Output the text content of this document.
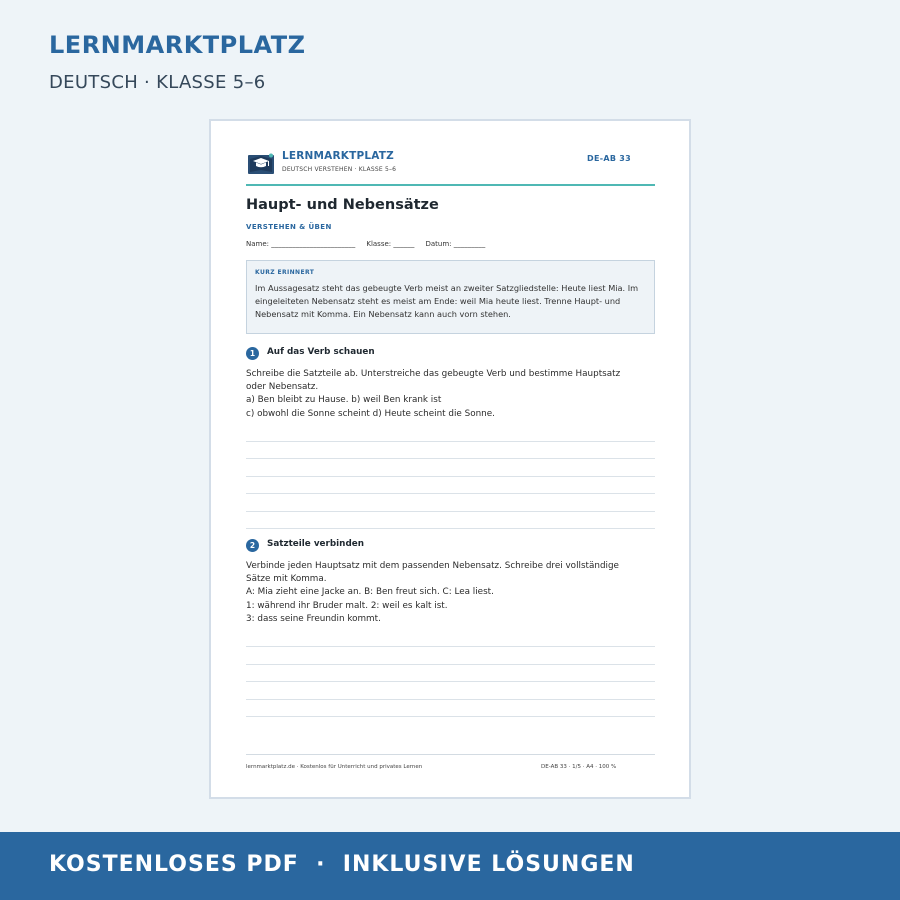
LERNMARKTPLATZ
DEUTSCH · KLASSE 5–6
LERNMARKTPLATZ
DEUTSCH VERSTEHEN · KLASSE 5–6
DE-AB 33
Haupt- und Nebensätze
VERSTEHEN & ÜBEN
Name: ________________________     Klasse: ______     Datum: _________
KURZ ERINNERT
Im Aussagesatz steht das gebeugte Verb meist an zweiter Satzgliedstelle: Heute liest Mia. Im eingeleiteten Nebensatz steht es meist am Ende: weil Mia heute liest. Trenne Haupt- und Nebensatz mit Komma. Ein Nebensatz kann auch vorn stehen.
1	Auf das Verb schauen
Schreibe die Satzteile ab. Unterstreiche das gebeugte Verb und bestimme Hauptsatz
oder Nebensatz.
a) Ben bleibt zu Hause. b) weil Ben krank ist
c) obwohl die Sonne scheint d) Heute scheint die Sonne.
2	Satzteile verbinden
Verbinde jeden Hauptsatz mit dem passenden Nebensatz. Schreibe drei vollständige
Sätze mit Komma.
A: Mia zieht eine Jacke an. B: Ben freut sich. C: Lea liest.
1: während ihr Bruder malt. 2: weil es kalt ist.
3: dass seine Freundin kommt.
lernmarktplatz.de · Kostenlos für Unterricht und privates Lernen	DE-AB 33 · 1/5 · A4 · 100 %
KOSTENLOSES PDF  ·  INKLUSIVE LÖSUNGEN
